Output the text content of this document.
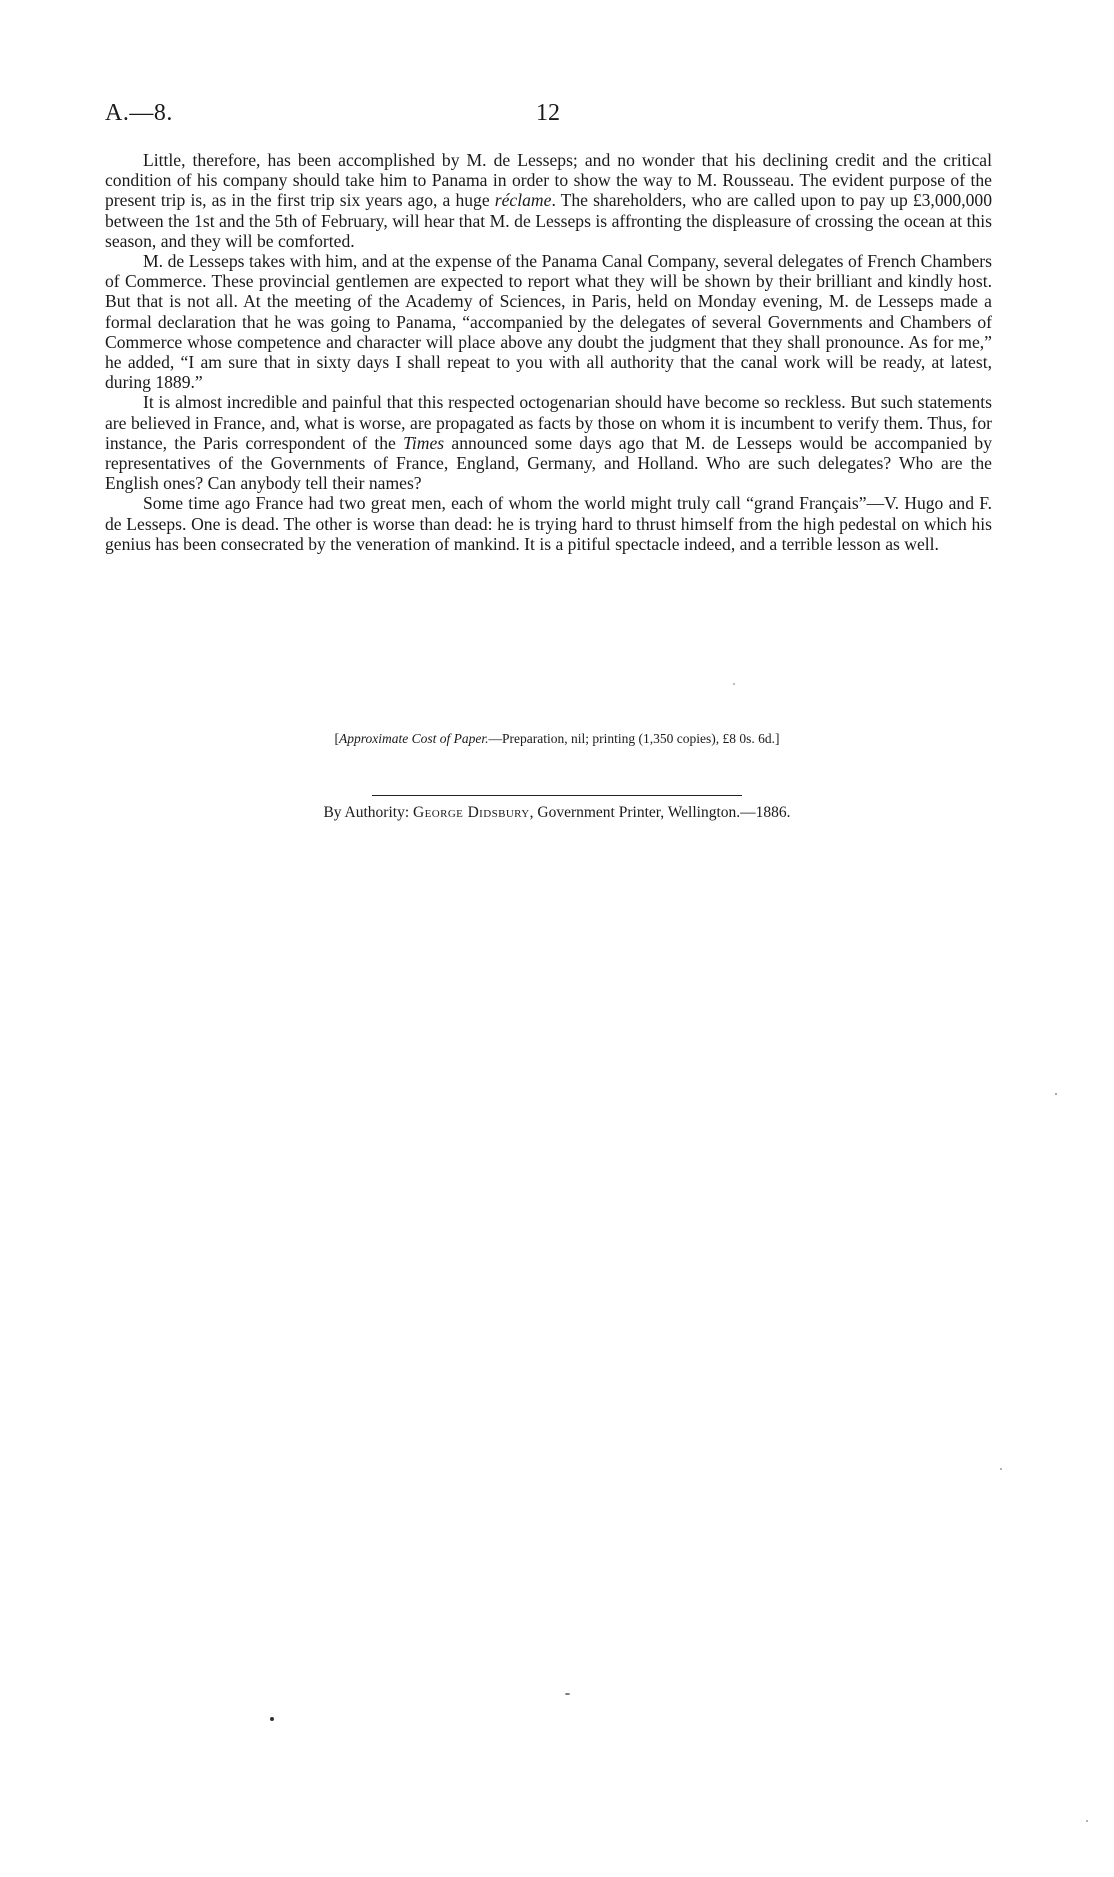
A.—8.	12

Little, therefore, has been accomplished by M. de Lesseps; and no wonder that his declining credit and the critical condition of his company should take him to Panama in order to show the way to M. Rousseau. The evident purpose of the present trip is, as in the first trip six years ago, a huge réclame. The shareholders, who are called upon to pay up £3,000,000 between the 1st and the 5th of February, will hear that M. de Lesseps is affronting the displeasure of crossing the ocean at this season, and they will be comforted.

M. de Lesseps takes with him, and at the expense of the Panama Canal Company, several delegates of French Chambers of Commerce. These provincial gentlemen are expected to report what they will be shown by their brilliant and kindly host. But that is not all. At the meeting of the Academy of Sciences, in Paris, held on Monday evening, M. de Lesseps made a formal declaration that he was going to Panama, “accompanied by the delegates of several Governments and Chambers of Commerce whose competence and character will place above any doubt the judgment that they shall pronounce. As for me,” he added, “I am sure that in sixty days I shall repeat to you with all authority that the canal work will be ready, at latest, during 1889.”

It is almost incredible and painful that this respected octogenarian should have become so reckless. But such statements are believed in France, and, what is worse, are propagated as facts by those on whom it is incumbent to verify them. Thus, for instance, the Paris correspondent of the Times announced some days ago that M. de Lesseps would be accompanied by representatives of the Governments of France, England, Germany, and Holland. Who are such delegates? Who are the English ones? Can anybody tell their names?

Some time ago France had two great men, each of whom the world might truly call “grand Français”—V. Hugo and F. de Lesseps. One is dead. The other is worse than dead: he is trying hard to thrust himself from the high pedestal on which his genius has been consecrated by the veneration of mankind. It is a pitiful spectacle indeed, and a terrible lesson as well.

[Approximate Cost of Paper.—Preparation, nil; printing (1,350 copies), £8 0s. 6d.]
By Authority: George Didsbury, Government Printer, Wellington.—1886.
